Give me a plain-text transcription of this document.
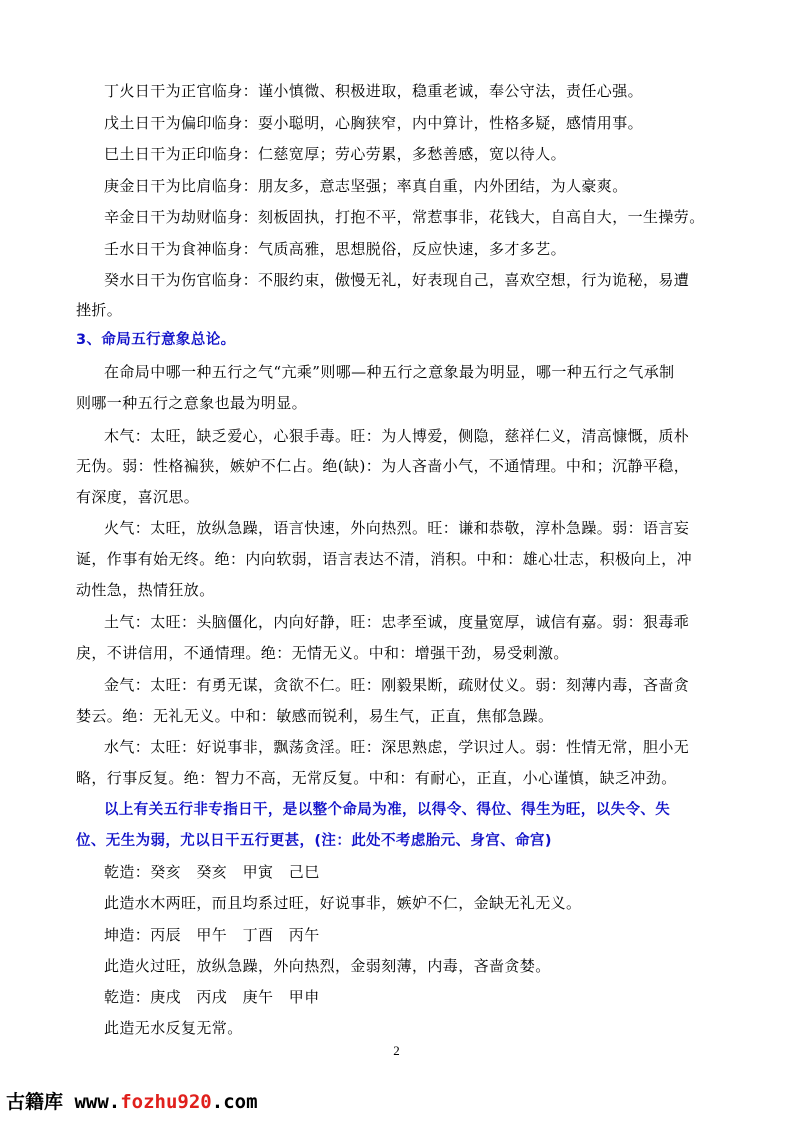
丁火日干为正官临身：谨小慎微、积极进取，稳重老诚，奉公守法，责任心强。
戊土日干为偏印临身：耍小聪明，心胸狭窄，内中算计，性格多疑，感情用事。
巳土日干为正印临身：仁慈宽厚；劳心劳累，多愁善感，宽以待人。
庚金日干为比肩临身：朋友多，意志坚强；率真自重，内外团结，为人豪爽。
辛金日干为劫财临身：刻板固执，打抱不平，常惹事非，花钱大，自高自大，一生操劳。
壬水日干为食神临身：气质高雅，思想脱俗，反应快速，多才多艺。
癸水日干为伤官临身：不服约束，傲慢无礼，好表现自己，喜欢空想，行为诡秘，易遭
挫折。
3、命局五行意象总论。
在命局中哪一种五行之气“亢乘”则哪—种五行之意象最为明显，哪一种五行之气承制
则哪一种五行之意象也最为明显。
木气：太旺，缺乏爱心，心狠手毒。旺：为人博爱，侧隐，慈祥仁义，清高慷慨，质朴
无伪。弱：性格褊狭，嫉妒不仁占。绝(缺)：为人吝啬小气，不通情理。中和；沉静平稳，
有深度，喜沉思。
火气：太旺，放纵急躁，语言快速，外向热烈。旺：谦和恭敬，淳朴急躁。弱：语言妄
诞，作事有始无终。绝：内向软弱，语言表达不清，消积。中和：雄心壮志，积极向上，冲
动性急，热情狂放。
土气：太旺：头脑僵化，内向好静，旺：忠孝至诚，度量宽厚，诚信有嘉。弱：狠毒乖
戾，不讲信用，不通情理。绝：无情无义。中和：增强干劲，易受刺激。
金气：太旺：有勇无谋，贪欲不仁。旺：刚毅果断，疏财仗义。弱：刻薄内毒，吝啬贪
婪云。绝：无礼无义。中和：敏感而锐利，易生气，正直，焦郁急躁。
水气：太旺：好说事非，飘荡贪淫。旺：深思熟虑，学识过人。弱：性情无常，胆小无
略，行事反复。绝：智力不高，无常反复。中和：有耐心，正直，小心谨慎，缺乏冲劲。
以上有关五行非专指日干，是以整个命局为准，以得令、得位、得生为旺，以失令、失
位、无生为弱，尤以日干五行更甚，(注：此处不考虑胎元、身宫、命宫)
乾造：癸亥　癸亥　甲寅　己巳
此造水木两旺，而且均系过旺，好说事非，嫉妒不仁，金缺无礼无义。
坤造：丙辰　甲午　丁酉　丙午
此造火过旺，放纵急躁，外向热烈，金弱刻薄，内毒，吝啬贪婪。
乾造：庚戌　丙戌　庚午　甲申
此造无水反复无常。
2
古籍库 www.fozhu920.com
